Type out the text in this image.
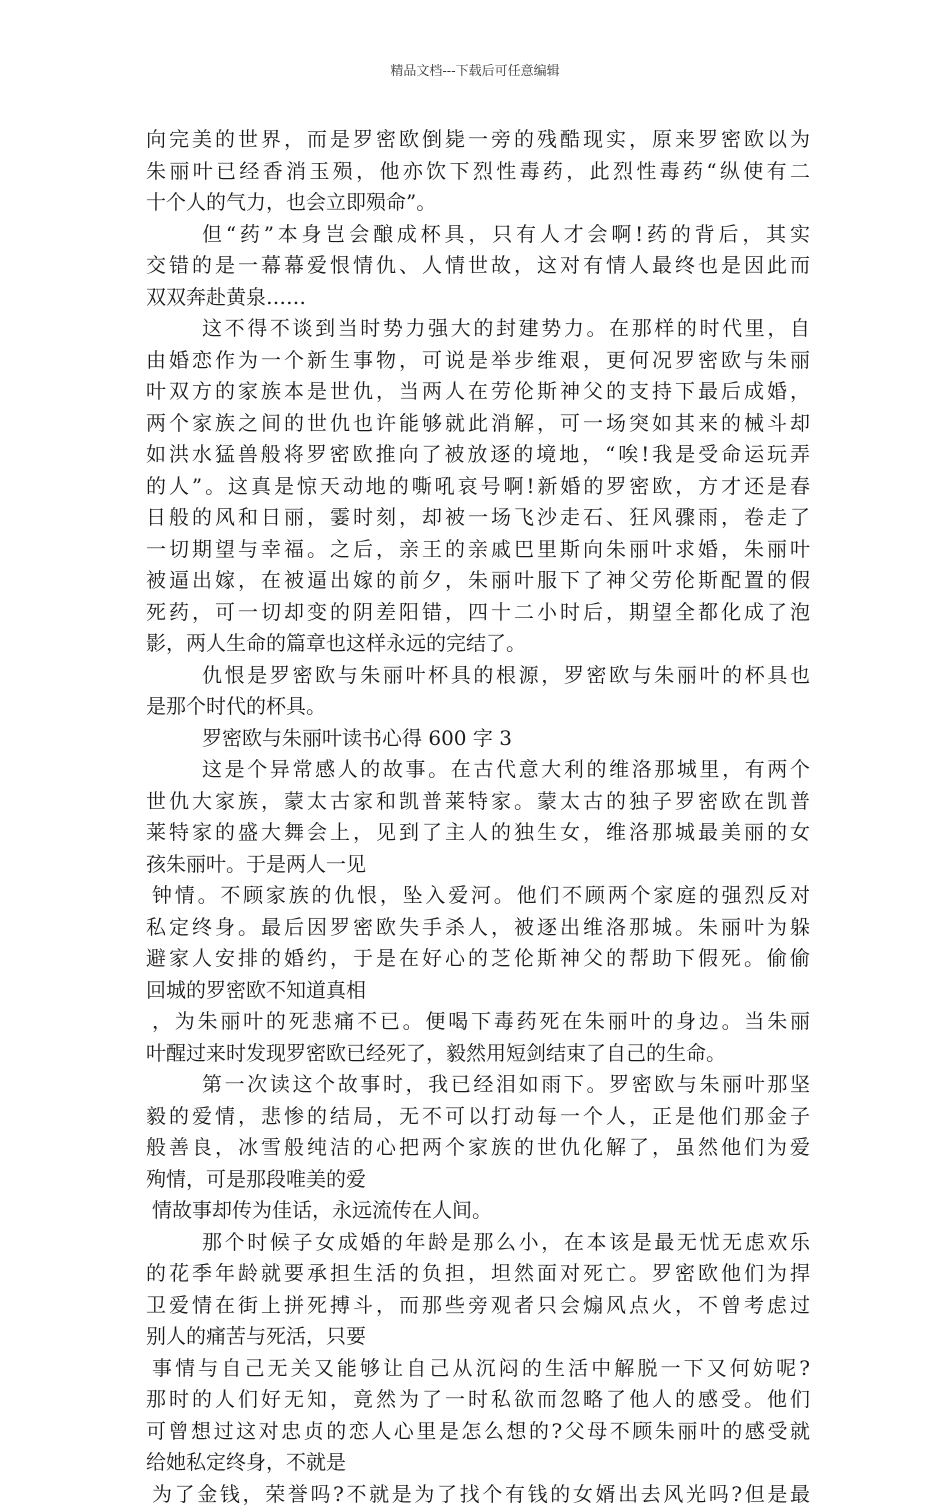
精品文档---下载后可任意编辑
向完美的世界，而是罗密欧倒毙一旁的残酷现实，原来罗密欧以为
朱丽叶已经香消玉殒，他亦饮下烈性毒药，此烈性毒药“纵使有二
十个人的气力，也会立即殒命”。
但“药”本身岂会酿成杯具，只有人才会啊!药的背后，其实
交错的是一幕幕爱恨情仇、人情世故，这对有情人最终也是因此而
双双奔赴黄泉……
这不得不谈到当时势力强大的封建势力。在那样的时代里，自
由婚恋作为一个新生事物，可说是举步维艰，更何况罗密欧与朱丽
叶双方的家族本是世仇，当两人在劳伦斯神父的支持下最后成婚，
两个家族之间的世仇也许能够就此消解，可一场突如其来的械斗却
如洪水猛兽般将罗密欧推向了被放逐的境地，“唉!我是受命运玩弄
的人”。这真是惊天动地的嘶吼哀号啊!新婚的罗密欧，方才还是春
日般的风和日丽，霎时刻，却被一场飞沙走石、狂风骤雨，卷走了
一切期望与幸福。之后，亲王的亲戚巴里斯向朱丽叶求婚，朱丽叶
被逼出嫁，在被逼出嫁的前夕，朱丽叶服下了神父劳伦斯配置的假
死药，可一切却变的阴差阳错，四十二小时后，期望全都化成了泡
影，两人生命的篇章也这样永远的完结了。
仇恨是罗密欧与朱丽叶杯具的根源，罗密欧与朱丽叶的杯具也
是那个时代的杯具。
罗密欧与朱丽叶读书心得 600 字 3
这是个异常感人的故事。在古代意大利的维洛那城里，有两个
世仇大家族，蒙太古家和凯普莱特家。蒙太古的独子罗密欧在凯普
莱特家的盛大舞会上，见到了主人的独生女，维洛那城最美丽的女
孩朱丽叶。于是两人一见
钟情。不顾家族的仇恨，坠入爱河。他们不顾两个家庭的强烈反对
私定终身。最后因罗密欧失手杀人，被逐出维洛那城。朱丽叶为躲
避家人安排的婚约，于是在好心的芝伦斯神父的帮助下假死。偷偷
回城的罗密欧不知道真相
，为朱丽叶的死悲痛不已。便喝下毒药死在朱丽叶的身边。当朱丽
叶醒过来时发现罗密欧已经死了，毅然用短剑结束了自己的生命。
第一次读这个故事时，我已经泪如雨下。罗密欧与朱丽叶那坚
毅的爱情，悲惨的结局，无不可以打动每一个人，正是他们那金子
般善良，冰雪般纯洁的心把两个家族的世仇化解了，虽然他们为爱
殉情，可是那段唯美的爱
情故事却传为佳话，永远流传在人间。
那个时候子女成婚的年龄是那么小，在本该是最无忧无虑欢乐
的花季年龄就要承担生活的负担，坦然面对死亡。罗密欧他们为捍
卫爱情在街上拼死搏斗，而那些旁观者只会煽风点火，不曾考虑过
别人的痛苦与死活，只要
事情与自己无关又能够让自己从沉闷的生活中解脱一下又何妨呢?
那时的人们好无知，竟然为了一时私欲而忽略了他人的感受。他们
可曾想过这对忠贞的恋人心里是怎么想的?父母不顾朱丽叶的感受就
给她私定终身，不就是
为了金钱，荣誉吗?不就是为了找个有钱的女婿出去风光吗?但是最
